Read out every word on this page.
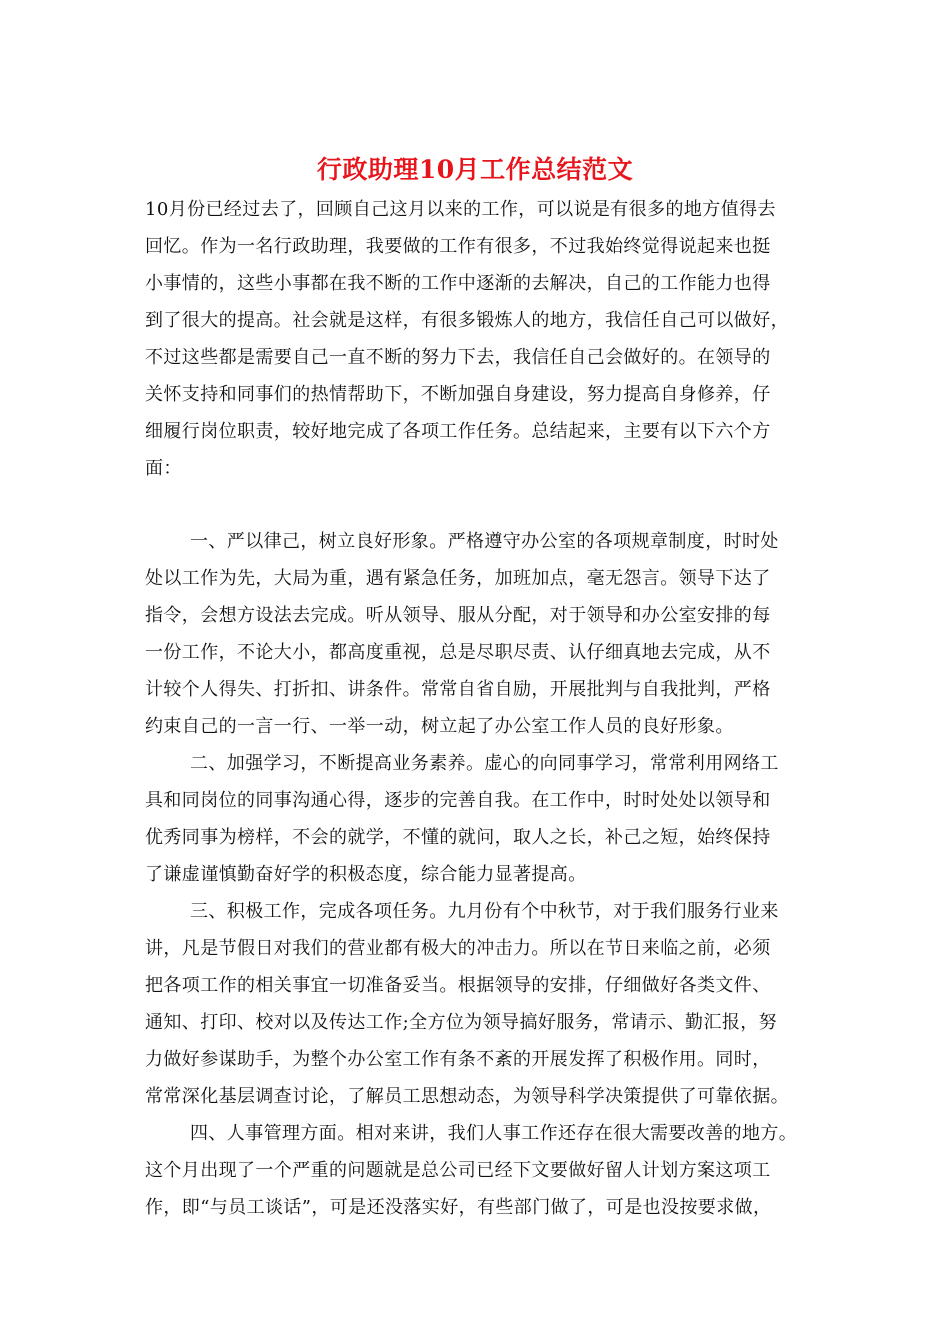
行政助理10月工作总结范文
10月份已经过去了，回顾自己这月以来的工作，可以说是有很多的地方值得去
回忆。作为一名行政助理，我要做的工作有很多，不过我始终觉得说起来也挺
小事情的，这些小事都在我不断的工作中逐渐的去解决，自己的工作能力也得
到了很大的提高。社会就是这样，有很多锻炼人的地方，我信任自己可以做好，
不过这些都是需要自己一直不断的努力下去，我信任自己会做好的。在领导的
关怀支持和同事们的热情帮助下，不断加强自身建设，努力提高自身修养，仔
细履行岗位职责，较好地完成了各项工作任务。总结起来，主要有以下六个方
面：
一、严以律己，树立良好形象。严格遵守办公室的各项规章制度，时时处
处以工作为先，大局为重，遇有紧急任务，加班加点，毫无怨言。领导下达了
指令，会想方设法去完成。听从领导、服从分配，对于领导和办公室安排的每
一份工作，不论大小，都高度重视，总是尽职尽责、认仔细真地去完成，从不
计较个人得失、打折扣、讲条件。常常自省自励，开展批判与自我批判，严格
约束自己的一言一行、一举一动，树立起了办公室工作人员的良好形象。
二、加强学习，不断提高业务素养。虚心的向同事学习，常常利用网络工
具和同岗位的同事沟通心得，逐步的完善自我。在工作中，时时处处以领导和
优秀同事为榜样，不会的就学，不懂的就问，取人之长，补己之短，始终保持
了谦虚谨慎勤奋好学的积极态度，综合能力显著提高。
三、积极工作，完成各项任务。九月份有个中秋节，对于我们服务行业来
讲，凡是节假日对我们的营业都有极大的冲击力。所以在节日来临之前，必须
把各项工作的相关事宜一切准备妥当。根据领导的安排，仔细做好各类文件、
通知、打印、校对以及传达工作;全方位为领导搞好服务，常请示、勤汇报，努
力做好参谋助手，为整个办公室工作有条不紊的开展发挥了积极作用。同时，
常常深化基层调查讨论，了解员工思想动态，为领导科学决策提供了可靠依据。
四、人事管理方面。相对来讲，我们人事工作还存在很大需要改善的地方。
这个月出现了一个严重的问题就是总公司已经下文要做好留人计划方案这项工
作，即“与员工谈话”，可是还没落实好，有些部门做了，可是也没按要求做，
